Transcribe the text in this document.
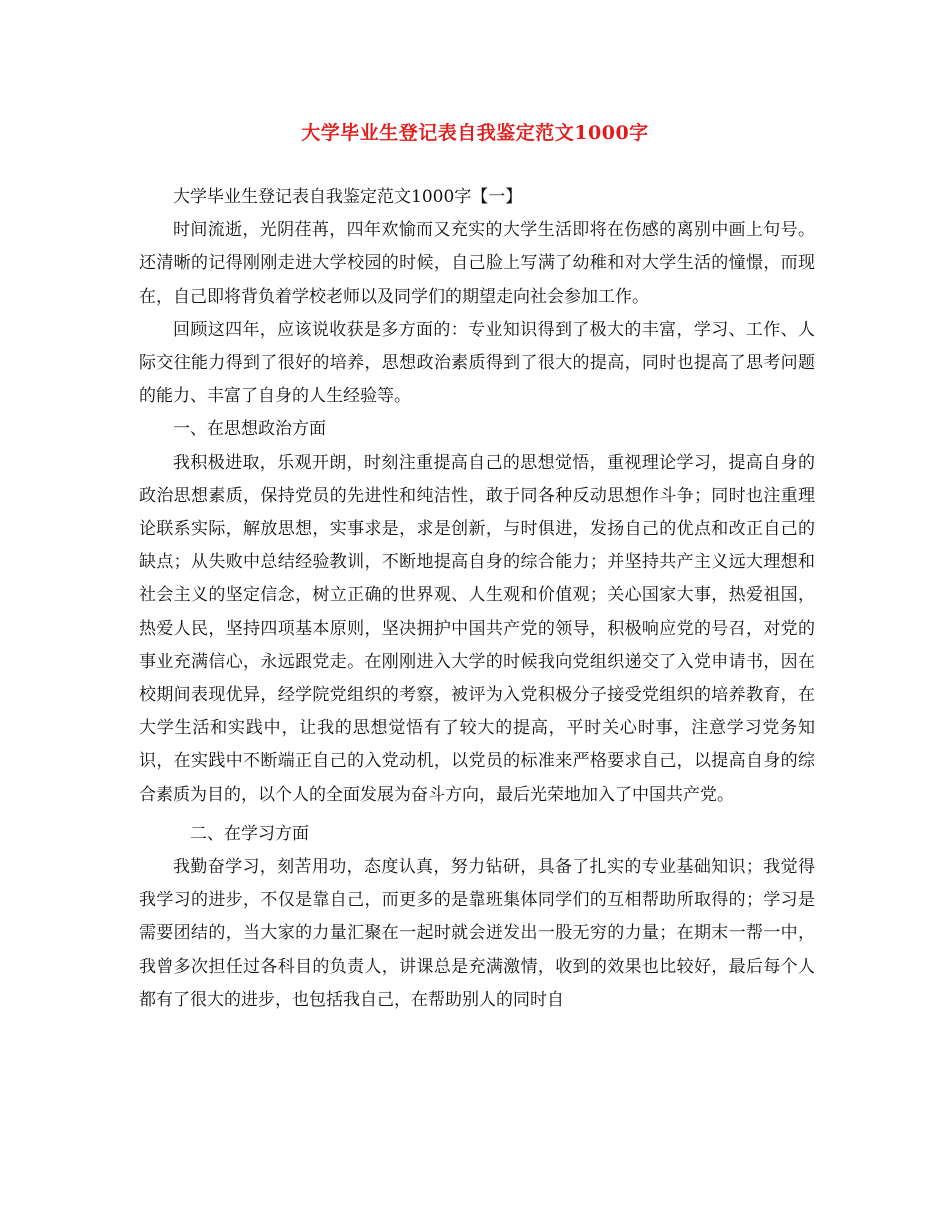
大学毕业生登记表自我鉴定范文1000字

大学毕业生登记表自我鉴定范文1000字【一】

时间流逝，光阴荏苒，四年欢愉而又充实的大学生活即将在伤感的离别中画上句号。还清晰的记得刚刚走进大学校园的时候，自己脸上写满了幼稚和对大学生活的憧憬，而现在，自己即将背负着学校老师以及同学们的期望走向社会参加工作。

回顾这四年，应该说收获是多方面的：专业知识得到了极大的丰富，学习、工作、人际交往能力得到了很好的培养，思想政治素质得到了很大的提高，同时也提高了思考问题的能力、丰富了自身的人生经验等。

一、在思想政治方面

我积极进取，乐观开朗，时刻注重提高自己的思想觉悟，重视理论学习，提高自身的政治思想素质，保持党员的先进性和纯洁性，敢于同各种反动思想作斗争；同时也注重理论联系实际，解放思想，实事求是，求是创新，与时俱进，发扬自己的优点和改正自己的缺点；从失败中总结经验教训，不断地提高自身的综合能力；并坚持共产主义远大理想和社会主义的坚定信念，树立正确的世界观、人生观和价值观；关心国家大事，热爱祖国，热爱人民，坚持四项基本原则，坚决拥护中国共产党的领导，积极响应党的号召，对党的事业充满信心，永远跟党走。在刚刚进入大学的时候我向党组织递交了入党申请书，因在校期间表现优异，经学院党组织的考察，被评为入党积极分子接受党组织的培养教育，在大学生活和实践中，让我的思想觉悟有了较大的提高，平时关心时事，注意学习党务知识，在实践中不断端正自己的入党动机，以党员的标准来严格要求自己，以提高自身的综合素质为目的，以个人的全面发展为奋斗方向，最后光荣地加入了中国共产党。

二、在学习方面

我勤奋学习，刻苦用功，态度认真，努力钻研，具备了扎实的专业基础知识；我觉得我学习的进步，不仅是靠自己，而更多的是靠班集体同学们的互相帮助所取得的；学习是需要团结的，当大家的力量汇聚在一起时就会迸发出一股无穷的力量；在期末一帮一中，我曾多次担任过各科目的负责人，讲课总是充满激情，收到的效果也比较好，最后每个人都有了很大的进步，也包括我自己，在帮助别人的同时自
